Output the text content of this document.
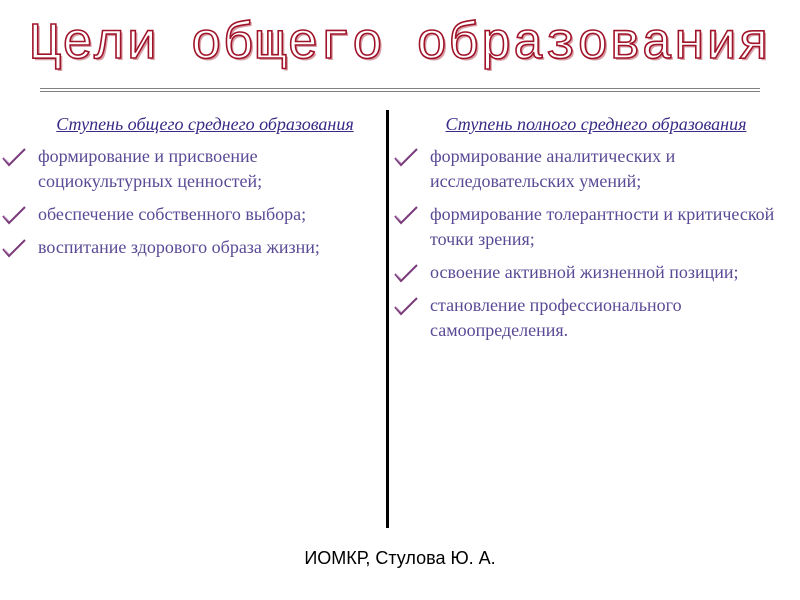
Цели общего образования
Ступень общего среднего образования
формирование и присвоение социокультурных ценностей;
обеспечение собственного выбора;
воспитание здорового образа жизни;
Ступень полного среднего образования
формирование аналитических и исследовательских умений;
формирование толерантности и критической точки зрения;
освоение активной жизненной позиции;
становление профессионального самоопределения.
ИОМКР, Стулова Ю. А.
